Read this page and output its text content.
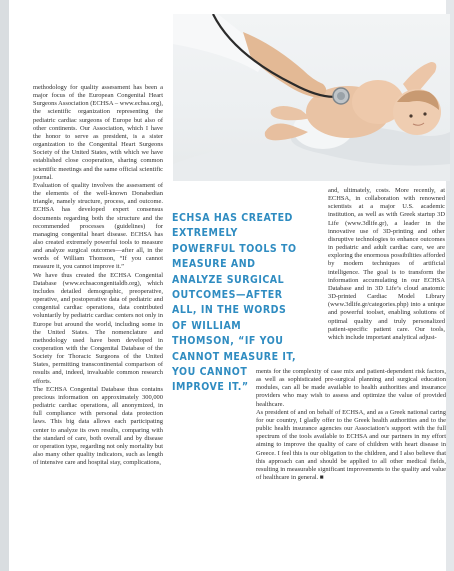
methodology for quality assessment has been a major focus of the European Congenital Heart Surgeons Association (ECHSA – www.echsa.org), the scientific organization representing the pediatric cardiac surgeons of Europe but also of other continents. Our Association, which I have the honor to serve as president, is a sister organization to the Congenital Heart Surgeons Society of the United States, with which we have established close cooperation, sharing common scientific meetings and the same official scientific journal.

Evaluation of quality involves the assessment of the elements of the well-known Donabedian triangle, namely structure, process, and outcome. ECHSA has developed expert consensus documents regarding both the structure and the recommended processes (guidelines) for managing congenital heart disease. ECHSA has also created extremely powerful tools to measure and analyze surgical outcomes—after all, in the words of William Thomson, “If you cannot measure it, you cannot improve it.”

We have thus created the ECHSA Congenital Database (www.echsacongenitaldb.org), which includes detailed demographic, preoperative, operative, and postoperative data of pediatric and congenital cardiac operations, data contributed voluntarily by pediatric cardiac centers not only in Europe but around the world, including some in the United States. The nomenclature and methodology used have been developed in cooperation with the Congenital Database of the Society for Thoracic Surgeons of the United States, permitting transcontinental comparison of results and, indeed, invaluable common research efforts.

The ECHSA Congenital Database thus contains precious information on approximately 300,000 pediatric cardiac operations, all anonymized, in full compliance with personal data protection laws. This big data allows each participating center to analyze its own results, comparing with the standard of care, both overall and by disease or operation type, regarding not only mortality but also many other quality indicators, such as length of intensive care and hospital stay, complications,

ECHSA HAS CREATED EXTREMELY POWERFUL TOOLS TO MEASURE AND ANALYZE SURGICAL OUTCOMES—AFTER ALL, IN THE WORDS OF WILLIAM THOMSON, “IF YOU CANNOT MEASURE IT, YOU CANNOT IMPROVE IT.”

and, ultimately, costs. More recently, at ECHSA, in collaboration with renowned scientists at a major U.S. academic institution, as well as with Greek startup 3D Life (www.3dlife.gr), a leader in the innovative use of 3D-printing and other disruptive technologies to enhance outcomes in pediatric and adult cardiac care, we are exploring the enormous possibilities afforded by modern techniques of artificial intelligence. The goal is to transform the information accumulating in our ECHSA Database and in 3D Life’s cloud anatomic 3D-printed Cardiac Model Library (www.3dlife.gr/categories.php) into a unique and powerful toolset, enabling solutions of optimal quality and truly personalized patient-specific patient care. Our tools, which include important analytical adjust-

ments for the complexity of case mix and patient-dependent risk factors, as well as sophisticated pre-surgical planning and surgical education modules, can all be made available to health authorities and insurance providers who may wish to assess and optimize the value of provided healthcare.

As president of and on behalf of ECHSA, and as a Greek national caring for our country, I gladly offer to the Greek health authorities and to the public health insurance agencies our Association’s support with the full spectrum of the tools available to ECHSA and our partners in my effort aiming to improve the quality of care of children with heart disease in Greece. I feel this is our obligation to the children, and I also believe that this approach can and should be applied to all other medical fields, resulting in measurable significant improvements to the quality and value of healthcare in general. ■
